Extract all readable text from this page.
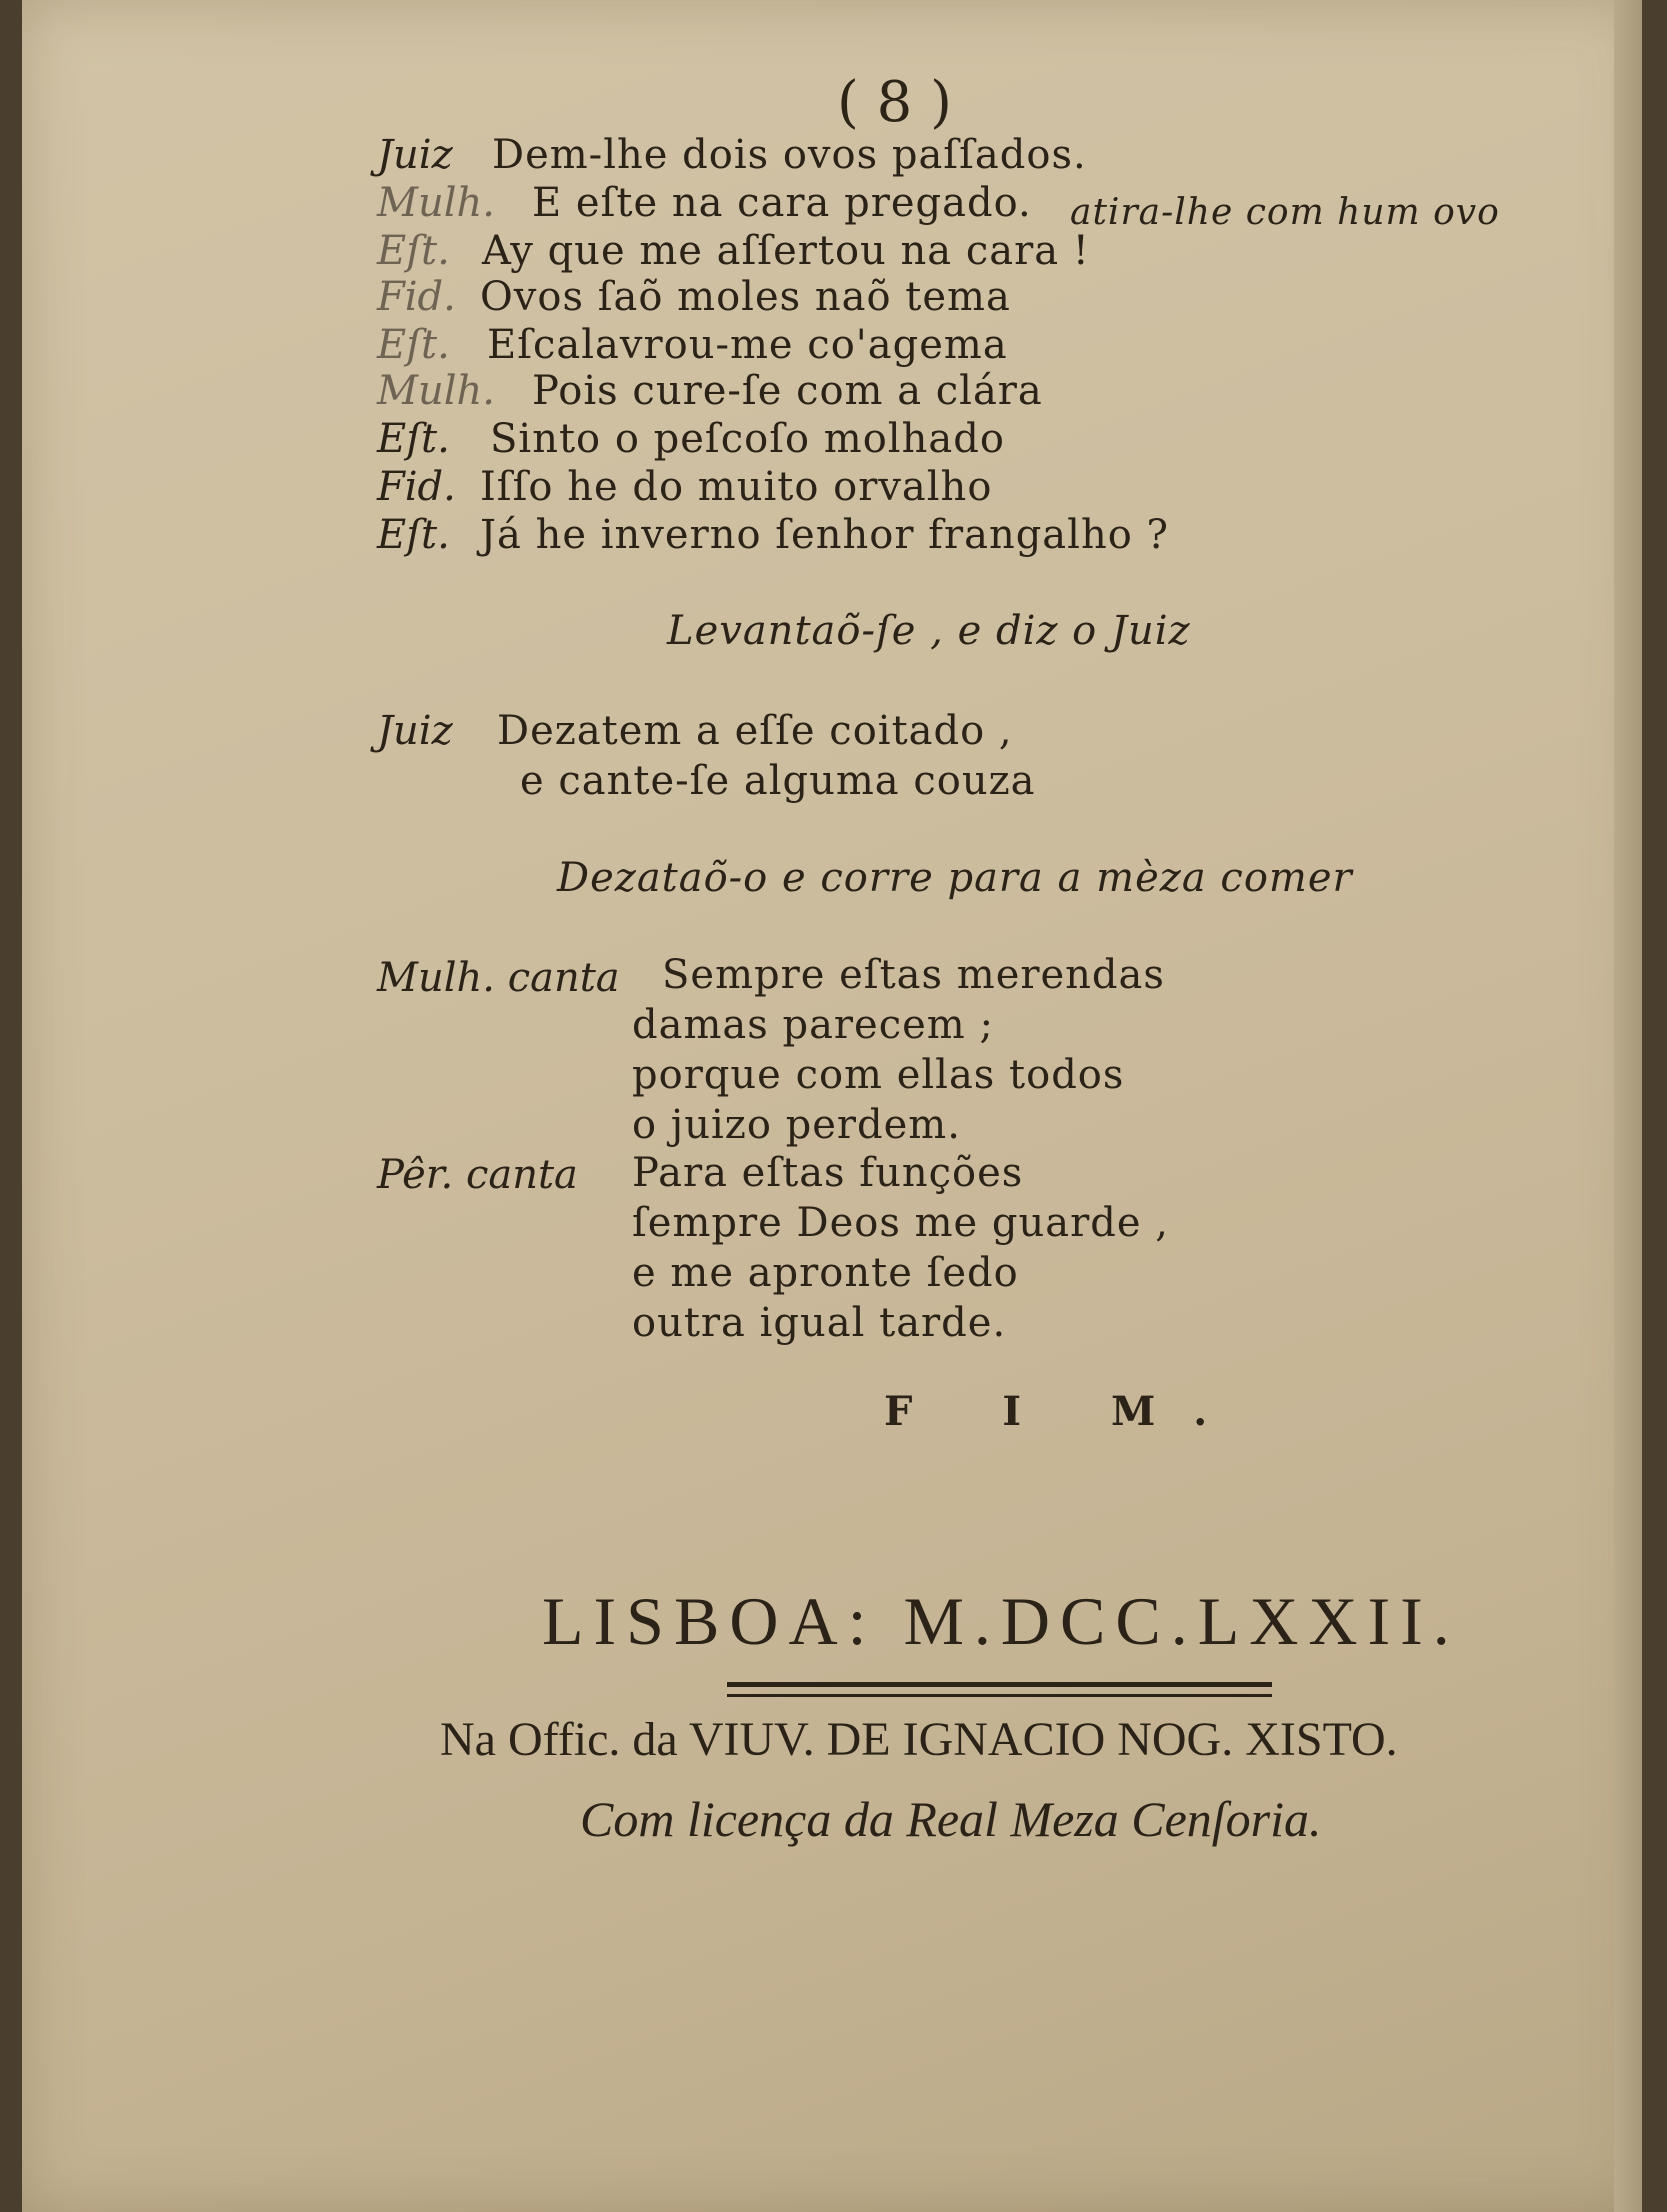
( 8 )
Juiz Dem-lhe dois ovos paſſados.
Mulh. E eſte na cara pregado. atira-lhe com hum ovo
Eſt. Ay que me aſſertou na cara !
Fid. Ovos ſaõ moles naõ tema
Eſt. Eſcalavrou-me co'agema
Mulh. Pois cure-ſe com a clára
Eſt. Sinto o peſcoſo molhado
Fid. Iſſo he do muito orvalho
Eſt. Já he inverno ſenhor frangalho ?
Levantaõ-ſe , e diz o Juiz
Juiz Dezatem a eſſe coitado ,
e cante-ſe alguma couza
Dezataõ-o e corre para a mèza comer
Mulh. canta Sempre eſtas merendas
damas parecem ;
porque com ellas todos
o juizo perdem.
Pêr. canta Para eſtas funções
ſempre Deos me guarde ,
e me apronte ſedo
outra igual tarde.
F I M.
LISBOA: M.DCC.LXXII.
Na Offic. da VIUV. DE IGNACIO NOG. XISTO.
Com licença da Real Meza Cenſoria.
